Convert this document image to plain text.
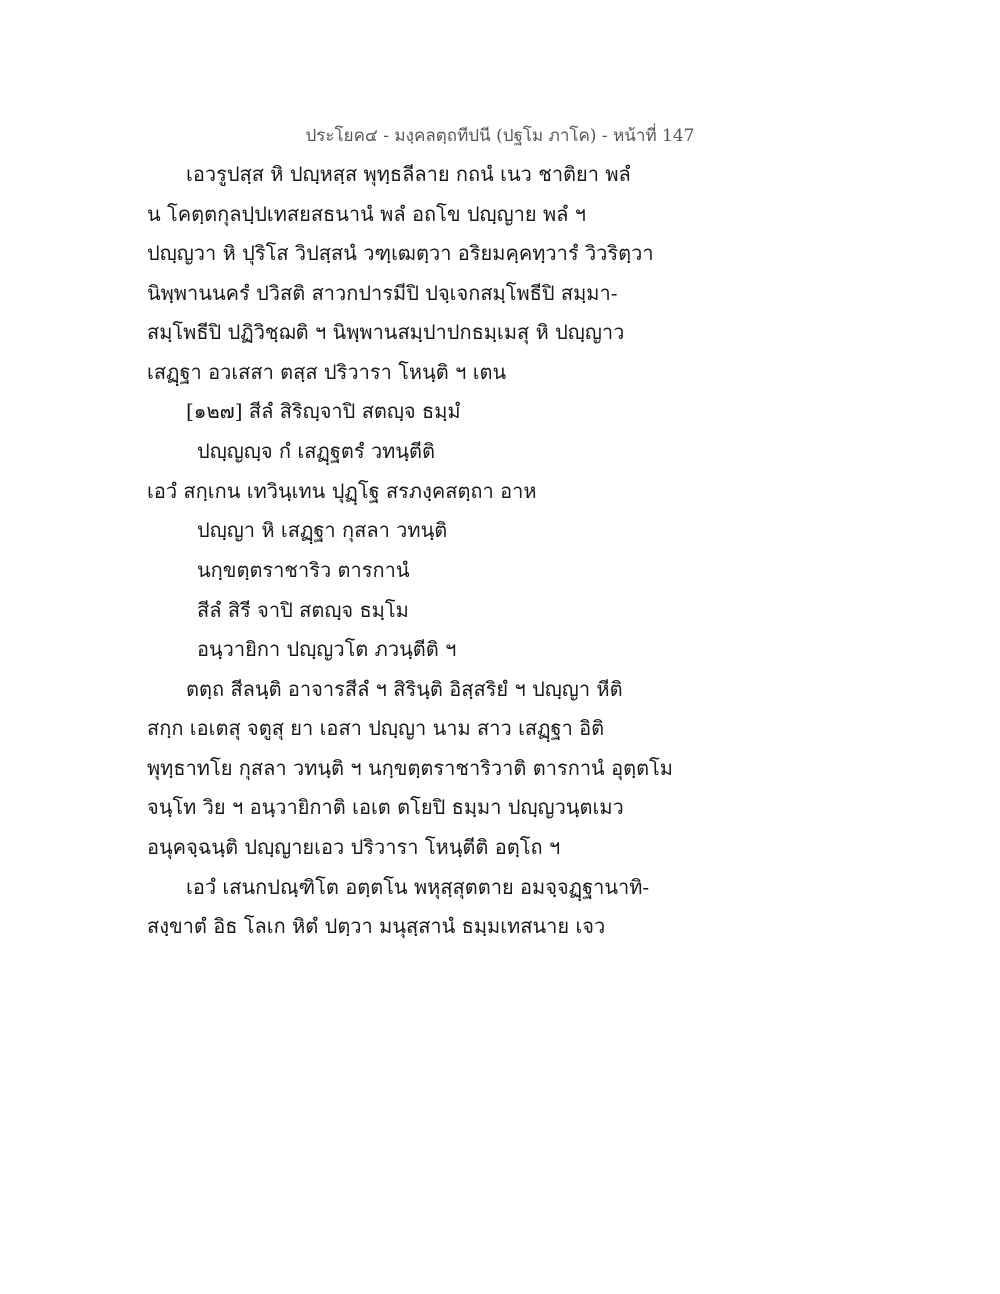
ประโยค๔ - มงฺคลตฺถทีปนี (ปฐโม ภาโค) - หน้าที่ 147
เอวรูปสฺส หิ ปญฺหสฺส พุทฺธลีลาย กถนํ เนว ชาติยา พลํ
น โคตฺตกุลปฺปเทสยสธนานํ พลํ อถโข ปญฺญาย พลํ ฯ
ปญฺญวา หิ ปุริโส วิปสฺสนํ วฑฺเฒตฺวา อริยมคฺคทฺวารํ วิวริตฺวา
นิพฺพานนครํ ปวิสติ สาวกปารมีปิ ปจฺเจกสมฺโพธีปิ สมฺมา-
สมฺโพธีปิ ปฏิวิชฺฌติ ฯ นิพฺพานสมฺปาปกธมฺเมสุ หิ ปญฺญาว
เสฏฺฐา อวเสสา ตสฺส ปริวารา โหนฺติ ฯ เตน
[๑๒๗] สีลํ สิริญฺจาปิ สตญฺจ ธมฺมํ
ปญฺญญฺจ กํ เสฏฺฐตรํ วทนฺตีติ
เอวํ สกฺเกน เทวินฺเทน ปุฏฺโฐ สรภงฺคสตฺถา อาห
ปญฺญา หิ เสฏฺฐา กุสลา วทนฺติ
นกฺขตฺตราชาริว ตารกานํ
สีลํ สิรี จาปิ สตญฺจ ธมฺโม
อนฺวายิกา ปญฺญวโต ภวนฺตีติ ฯ
ตตฺถ สีลนฺติ อาจารสีลํ ฯ สิรินฺติ อิสฺสริยํ ฯ ปญฺญา หีติ
สกฺก เอเตสุ จตูสุ ยา เอสา ปญฺญา นาม สาว เสฏฺฐา อิติ
พุทฺธาทโย กุสลา วทนฺติ ฯ นกฺขตฺตราชาริวาติ ตารกานํ อุตฺตโม
จนฺโท วิย ฯ อนฺวายิกาติ เอเต ตโยปิ ธมฺมา ปญฺญวนฺตเมว
อนุคจฺฉนฺติ ปญฺญายเอว ปริวารา โหนฺตีติ อตฺโถ ฯ
เอวํ เสนกปณฺฑิโต อตฺตโน พหุสฺสุตตาย อมจฺจฏฺฐานาทิ-
สงฺขาตํ อิธ โลเก หิตํ ปตฺวา มนุสฺสานํ ธมฺมเทสนาย เจว
